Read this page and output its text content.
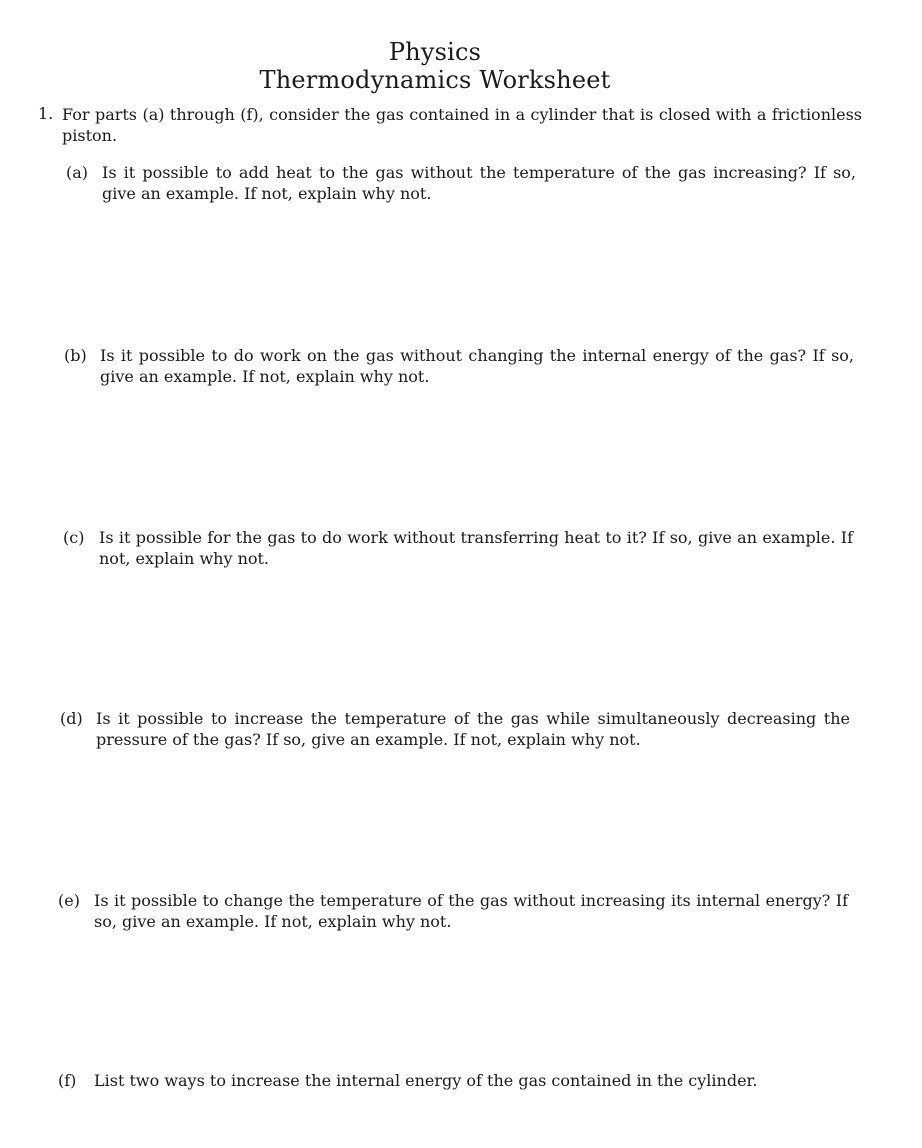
Physics
Thermodynamics Worksheet
1. For parts (a) through (f), consider the gas contained in a cylinder that is closed with a frictionless piston.
(a) Is it possible to add heat to the gas without the temperature of the gas increasing? If so, give an example. If not, explain why not.
(b) Is it possible to do work on the gas without changing the internal energy of the gas? If so, give an example. If not, explain why not.
(c) Is it possible for the gas to do work without transferring heat to it? If so, give an example. If not, explain why not.
(d) Is it possible to increase the temperature of the gas while simultaneously decreasing the pressure of the gas? If so, give an example. If not, explain why not.
(e) Is it possible to change the temperature of the gas without increasing its internal energy? If so, give an example. If not, explain why not.
(f) List two ways to increase the internal energy of the gas contained in the cylinder.
